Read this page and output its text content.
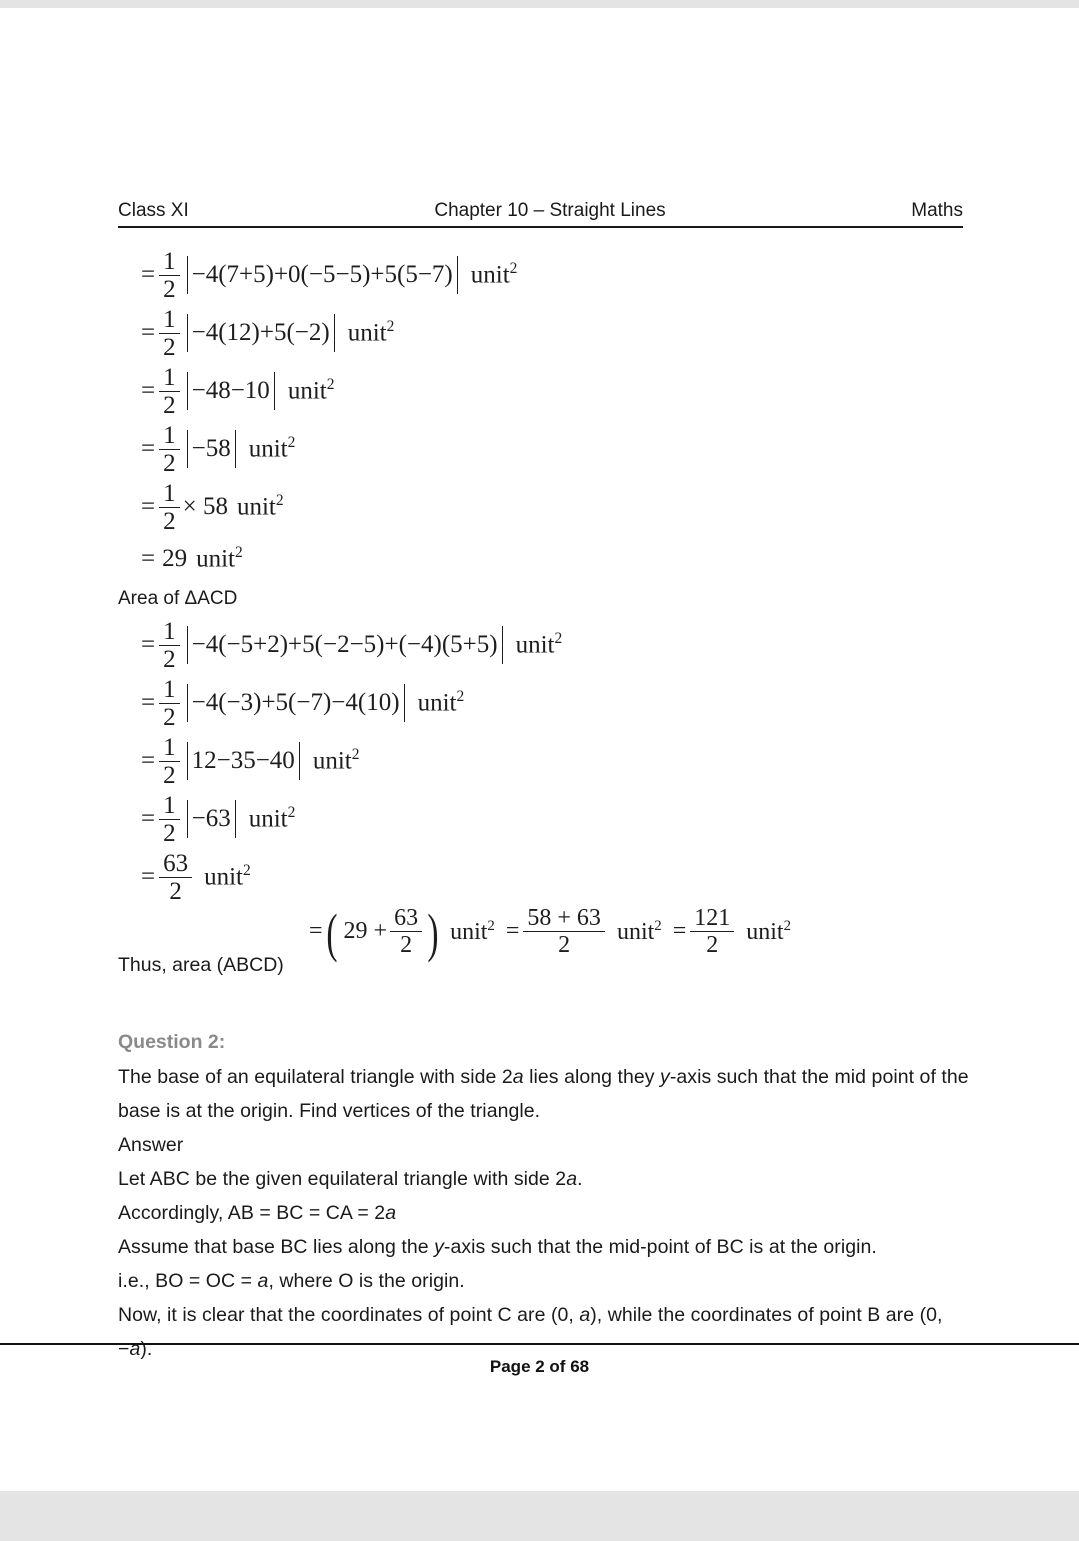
Class XI	Chapter 10 – Straight Lines	Maths
= $\frac{1}{2} -4(7+5)+0(-5-5)+5(5-7)$ unit$^2$
= $\frac{1}{2} -4(12)+5(-2)$ unit$^2$
= $\frac{1}{2} -48-10$ unit$^2$
= $\frac{1}{2} -58$ unit$^2$
= $\frac{1}{2} \times 58$ unit$^2$
= 29 unit$^2$
Area of ΔACD
= $\frac{1}{2} -4(-5+2)+5(-2-5)+(-4)(5+5)$ unit$^2$
= $\frac{1}{2} -4(-3)+5(-7)-4(10)$ unit$^2$
= $\frac{1}{2} 12-35-40$ unit$^2$
= $\frac{1}{2} -63$ unit$^2$
= $\frac{63}{2}$ unit$^2$
Thus, area (ABCD)
= ( $29 + \frac{63}{2}$ ) unit$^2$ = $\frac{58 + 63}{2}$ unit$^2$ = $\frac{121}{2}$ unit$^2$
Question 2:
The base of an equilateral triangle with side 2a lies along they y-axis such that the mid point of the base is at the origin. Find vertices of the triangle.
Answer
Let ABC be the given equilateral triangle with side 2a.
Accordingly, AB = BC = CA = 2a
Assume that base BC lies along the y-axis such that the mid-point of BC is at the origin.
i.e., BO = OC = a, where O is the origin.
Now, it is clear that the coordinates of point C are (0, a), while the coordinates of point B are (0, −a).
Page 2 of 68
